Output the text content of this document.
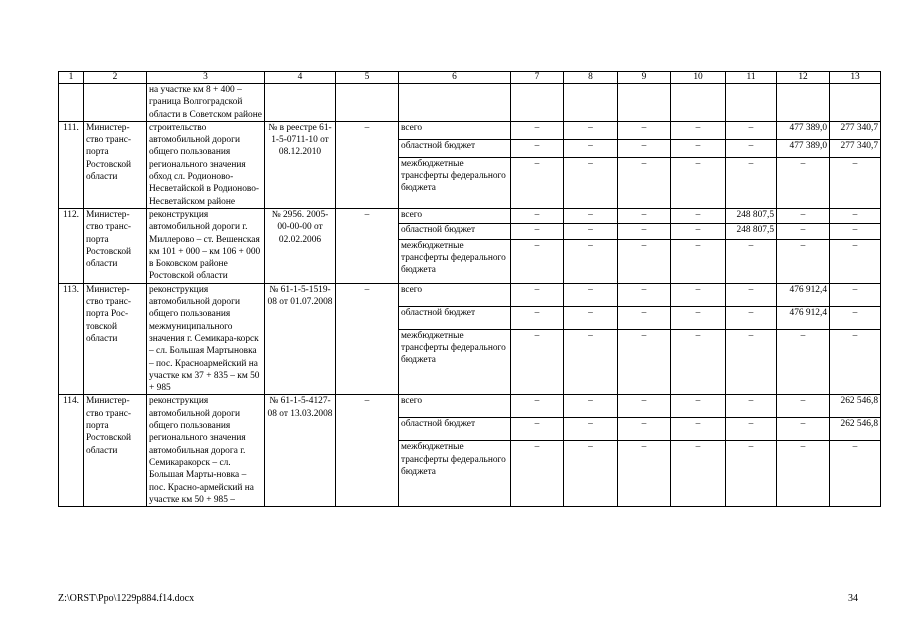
1	2	3	4	5	6	7	8	9	10	11	12	13
		на участке км 8 + 400 – граница Волгоградской области в Советском районе										
111.	Министер-ство транс-порта Ростовской области	строительство автомобильной дороги общего пользования регионального значения обход сл. Родионово-Несветайской в Родионово-Несветайском районе	№ в реестре 61-1-5-0711-10 от 08.12.2010	–	всего	–	–	–	–	–	477 389,0	277 340,7
					областной бюджет	–	–	–	–	–	477 389,0	277 340,7
					межбюджетные трансферты федерального бюджета	–	–	–	–	–	–	–
112.	Министер-ство транс-порта Ростовской области	реконструкция автомобильной дороги г. Миллерово – ст. Вешенская км 101 + 000 – км 106 + 000 в Боковском районе Ростовской области	№ 2956. 2005-00-00-00 от 02.02.2006	–	всего	–	–	–	–	248 807,5	–	–
					областной бюджет	–	–	–	–	248 807,5	–	–
					межбюджетные трансферты федерального бюджета	–	–	–	–	–	–	–
113.	Министер-ство транс-порта Рос-товской области	реконструкция автомобильной дороги общего пользования межмуниципального значения г. Семикара-корск – сл. Большая Мартыновка – пос. Красноармейский на участке км 37 + 835 – км 50 + 985	№ 61-1-5-1519-08 от 01.07.2008	–	всего	–	–	–	–	–	476 912,4	–
					областной бюджет	–	–	–	–	–	476 912,4	–
					межбюджетные трансферты федерального бюджета	–	–	–	–	–	–	–
114.	Министер-ство транс-порта Ростовской области	реконструкция автомобильной дороги общего пользования регионального значения автомобильная дорога г. Семикаракорск – сл. Большая Марты-новка – пос. Красно-армейский на участке км 50 + 985 –	№ 61-1-5-4127-08 от 13.03.2008	–	всего	–	–	–	–	–	–	262 546,8
					областной бюджет	–	–	–	–	–	–	262 546,8
					межбюджетные трансферты федерального бюджета	–	–	–	–	–	–	–
Z:\ORST\Ppo\1229p884.f14.docx	34
